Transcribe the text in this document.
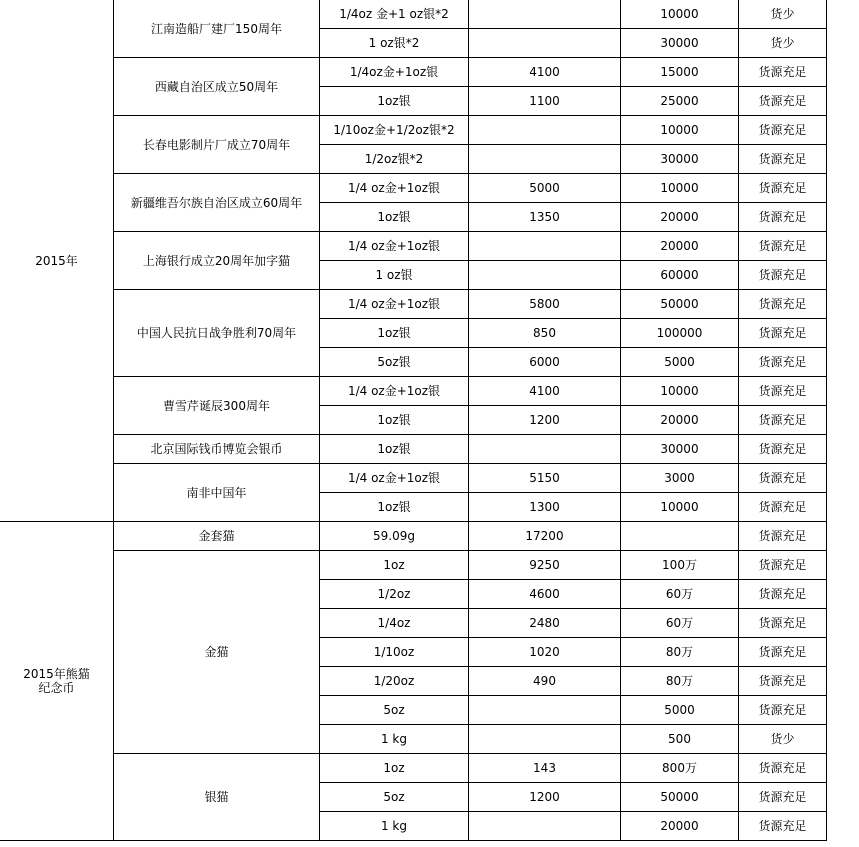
2015年	江南造船厂建厂150周年	1/4oz 金+1 oz银*2		10000	货少
		1 oz银*2		30000	货少
	西藏自治区成立50周年	1/4oz金+1oz银	4100	15000	货源充足
		1oz银	1100	25000	货源充足
	长春电影制片厂成立70周年	1/10oz金+1/2oz银*2		10000	货源充足
		1/2oz银*2		30000	货源充足
	新疆维吾尔族自治区成立60周年	1/4 oz金+1oz银	5000	10000	货源充足
		1oz银	1350	20000	货源充足
	上海银行成立20周年加字猫	1/4 oz金+1oz银		20000	货源充足
		1 oz银		60000	货源充足
	中国人民抗日战争胜利70周年	1/4 oz金+1oz银	5800	50000	货源充足
		1oz银	850	100000	货源充足
		5oz银	6000	5000	货源充足
	曹雪芹诞辰300周年	1/4 oz金+1oz银	4100	10000	货源充足
		1oz银	1200	20000	货源充足
	北京国际钱币博览会银币	1oz银		30000	货源充足
	南非中国年	1/4 oz金+1oz银	5150	3000	货源充足
		1oz银	1300	10000	货源充足
2015年熊猫
纪念币	金套猫	59.09g	17200		货源充足
	金猫	1oz	9250	100万	货源充足
		1/2oz	4600	60万	货源充足
		1/4oz	2480	60万	货源充足
		1/10oz	1020	80万	货源充足
		1/20oz	490	80万	货源充足
		5oz		5000	货源充足
		1 kg		500	货少
	银猫	1oz	143	800万	货源充足
		5oz	1200	50000	货源充足
		1 kg		20000	货源充足
